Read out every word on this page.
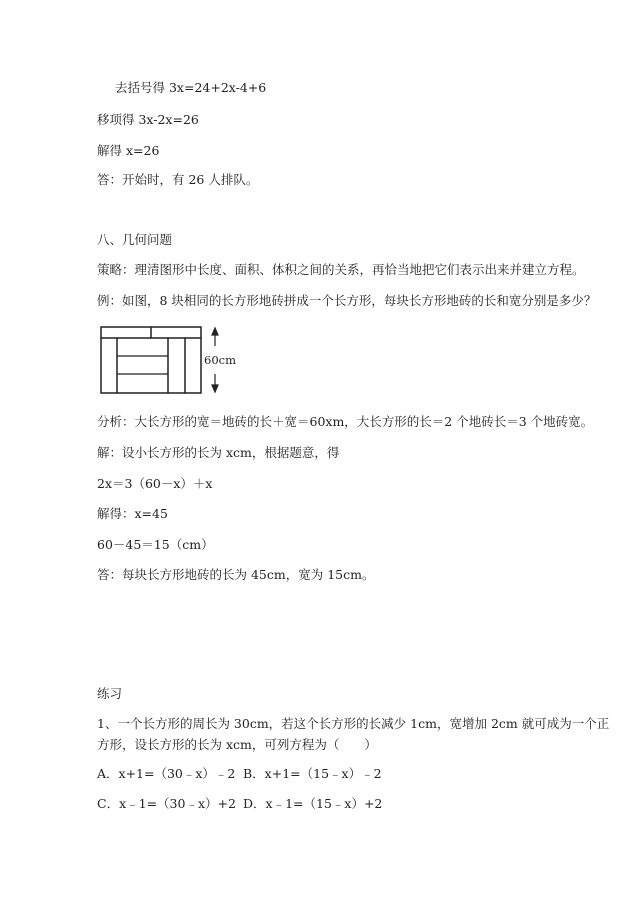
去括号得 3x=24+2x-4+6
移项得 3x-2x=26
解得 x=26
答：开始时，有 26 人排队。
八、几何问题
策略：理清图形中长度、面积、体积之间的关系，再恰当地把它们表示出来并建立方程。
例：如图，8 块相同的长方形地砖拼成一个长方形，每块长方形地砖的长和宽分别是多少？
60cm
分析：大长方形的宽＝地砖的长＋宽＝60xm，大长方形的长＝2 个地砖长＝3 个地砖宽。
解：设小长方形的长为 xcm，根据题意，得
2x＝3（60－x）＋x
解得：x=45
60－45＝15（cm）
答：每块长方形地砖的长为 45cm，宽为 15cm。
练习
1、一个长方形的周长为 30cm，若这个长方形的长减少 1cm，宽增加 2cm 就可成为一个正
方形，设长方形的长为 xcm，可列方程为（　　）
A．x+1=（30﹣x）﹣2 B．x+1=（15﹣x）﹣2
C．x﹣1=（30﹣x）+2 D．x﹣1=（15﹣x）+2
